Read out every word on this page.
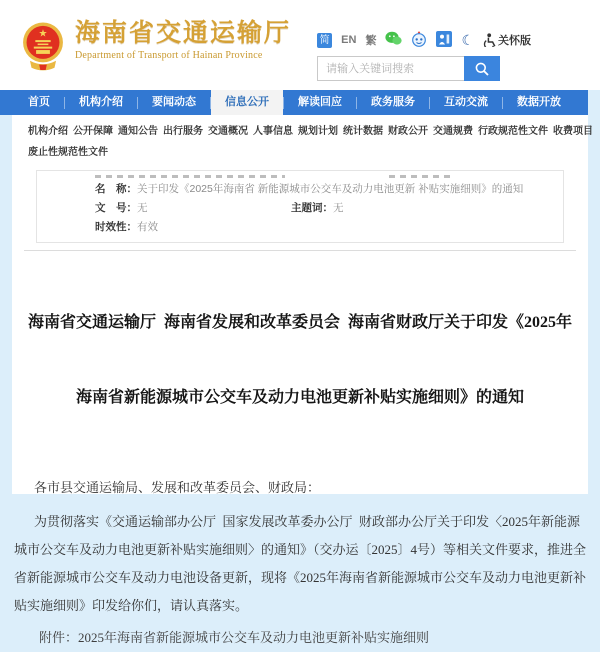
★ 海南省交通运输厅
Department of Transport of Hainan Province
简 EN 繁	☾ 关怀版
请输入关键词搜索
首页	机构介绍	要闻动态	信息公开	解读回应	政务服务	互动交流	数据开放
机构介绍 公开保障 通知公告 出行服务 交通概况 人事信息 规划计划 统计数据 财政公开 交通规费 行政规范性文件 收费项目
废止性规范性文件
名　称：关于印发《2025年海南省 新能源城市公交车及动力电池更新 补贴实施细则》的通知
文　号：无	主题词：无
时效性：有效

海南省交通运输厅  海南省发展和改革委员会  海南省财政厅关于印发《2025年

海南省新能源城市公交车及动力电池更新补贴实施细则》的通知

各市县交通运输局、发展和改革委员会、财政局：

为贯彻落实《交通运输部办公厅  国家发展改革委办公厅  财政部办公厅关于印发〈2025年新能源城市公交车及动力电池更新补贴实施细则〉的通知》（交办运〔2025〕4号）等相关文件要求，推进全省新能源城市公交车及动力电池设备更新，现将《2025年海南省新能源城市公交车及动力电池更新补贴实施细则》印发给你们，请认真落实。

附件：2025年海南省新能源城市公交车及动力电池更新补贴实施细则
